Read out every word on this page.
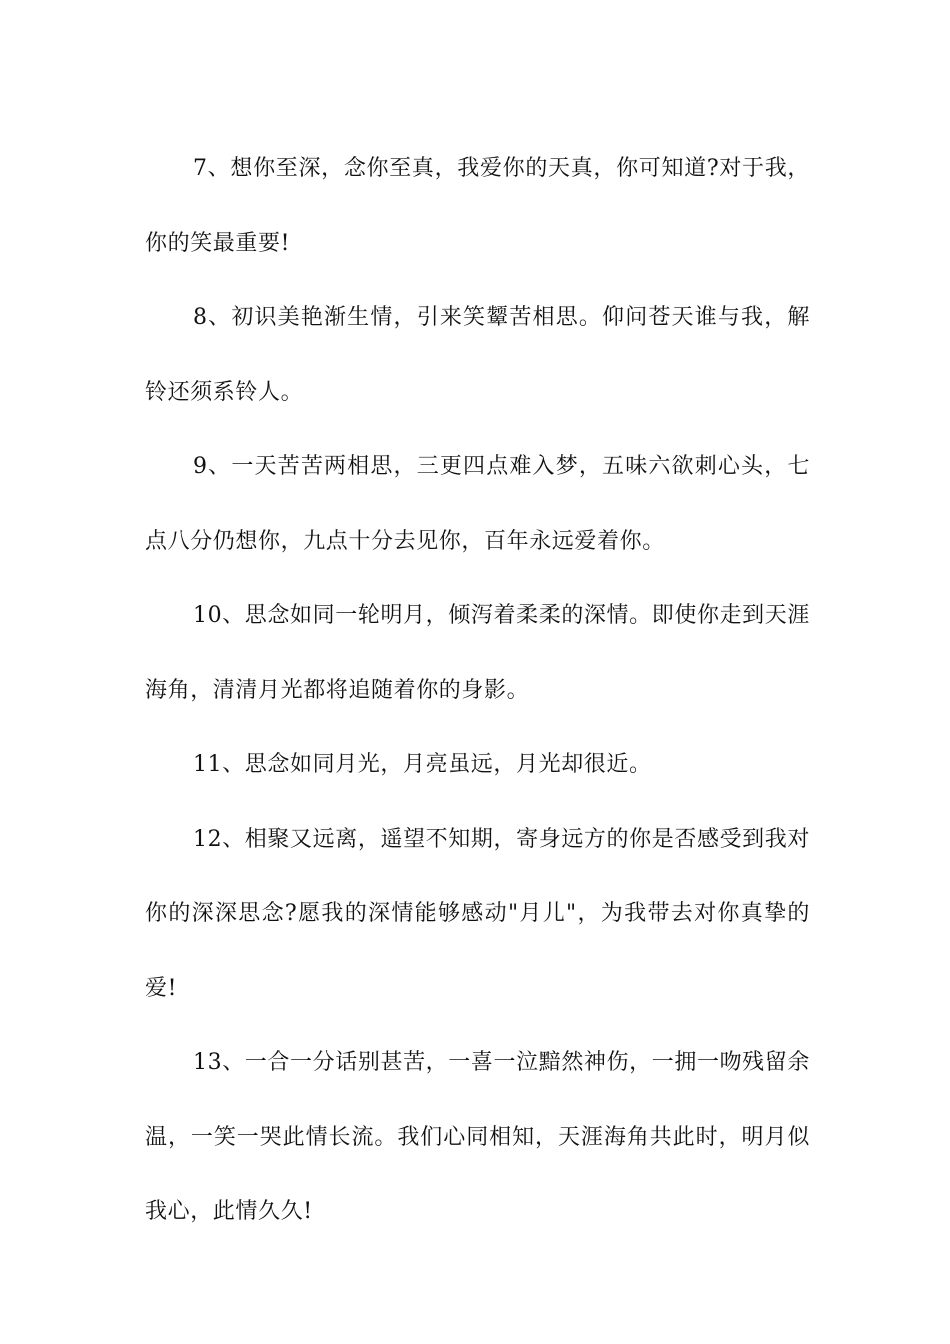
7、想你至深，念你至真，我爱你的天真，你可知道?对于我，你的笑最重要!

8、初识美艳渐生情，引来笑颦苦相思。仰问苍天谁与我，解铃还须系铃人。

9、一天苦苦两相思，三更四点难入梦，五味六欲刺心头，七点八分仍想你，九点十分去见你，百年永远爱着你。

10、思念如同一轮明月，倾泻着柔柔的深情。即使你走到天涯海角，清清月光都将追随着你的身影。

11、思念如同月光，月亮虽远，月光却很近。

12、相聚又远离，遥望不知期，寄身远方的你是否感受到我对你的深深思念?愿我的深情能够感动"月儿"，为我带去对你真挚的爱!

13、一合一分话别甚苦，一喜一泣黯然神伤，一拥一吻残留余温，一笑一哭此情长流。我们心同相知，天涯海角共此时，明月似我心，此情久久!
